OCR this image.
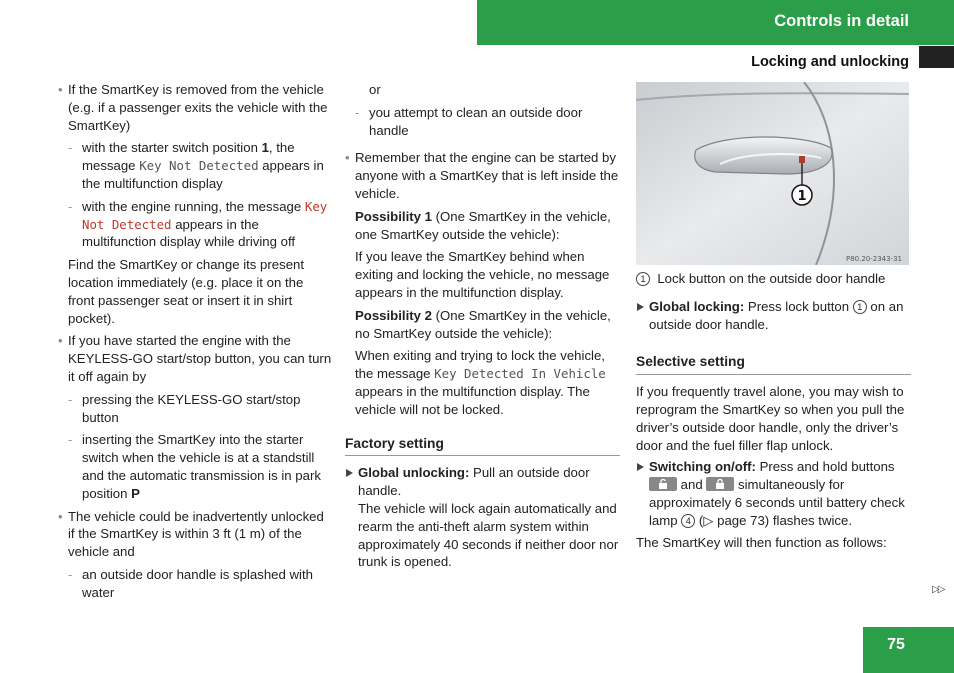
Controls in detail
Locking and unlocking

• If the SmartKey is removed from the vehicle (e.g. if a passenger exits the vehicle with the SmartKey)

- with the starter switch position 1, the message Key Not Detected appears in the multifunction display

- with the engine running, the message Key Not Detected appears in the multifunction display while driving off

Find the SmartKey or change its present location immediately (e.g. place it on the front passenger seat or insert it in shirt pocket).

• If you have started the engine with the KEYLESS-GO start/stop button, you can turn it off again by

- pressing the KEYLESS-GO start/stop button

- inserting the SmartKey into the starter switch when the vehicle is at a standstill and the automatic transmission is in park position P

• The vehicle could be inadvertently unlocked if the SmartKey is within 3 ft (1 m) of the vehicle and

- an outside door handle is splashed with water

or

- you attempt to clean an outside door handle

• Remember that the engine can be started by anyone with a SmartKey that is left inside the vehicle.

Possibility 1 (One SmartKey in the vehicle, one SmartKey outside the vehicle):

If you leave the SmartKey behind when exiting and locking the vehicle, no message appears in the multifunction display.

Possibility 2 (One SmartKey in the vehicle, no SmartKey outside the vehicle):

When exiting and trying to lock the vehicle, the message Key Detected In Vehicle appears in the multifunction display. The vehicle will not be locked.

Factory setting

Global unlocking: Pull an outside door handle.

The vehicle will lock again automatically and rearm the anti-theft alarm system within approximately 40 seconds if neither door nor trunk is opened.

1
P80.20-2343-31

1 Lock button on the outside door handle

Global locking: Press lock button 1 on an outside door handle.

Selective setting

If you frequently travel alone, you may wish to reprogram the SmartKey so when you pull the driver’s outside door handle, only the driver’s door and the fuel filler flap unlock.

Switching on/off: Press and hold buttons
and
simultaneously for approximately 6 seconds until battery check lamp 4 (▷ page 73) flashes twice.

The SmartKey will then function as follows:

▷▷
75
